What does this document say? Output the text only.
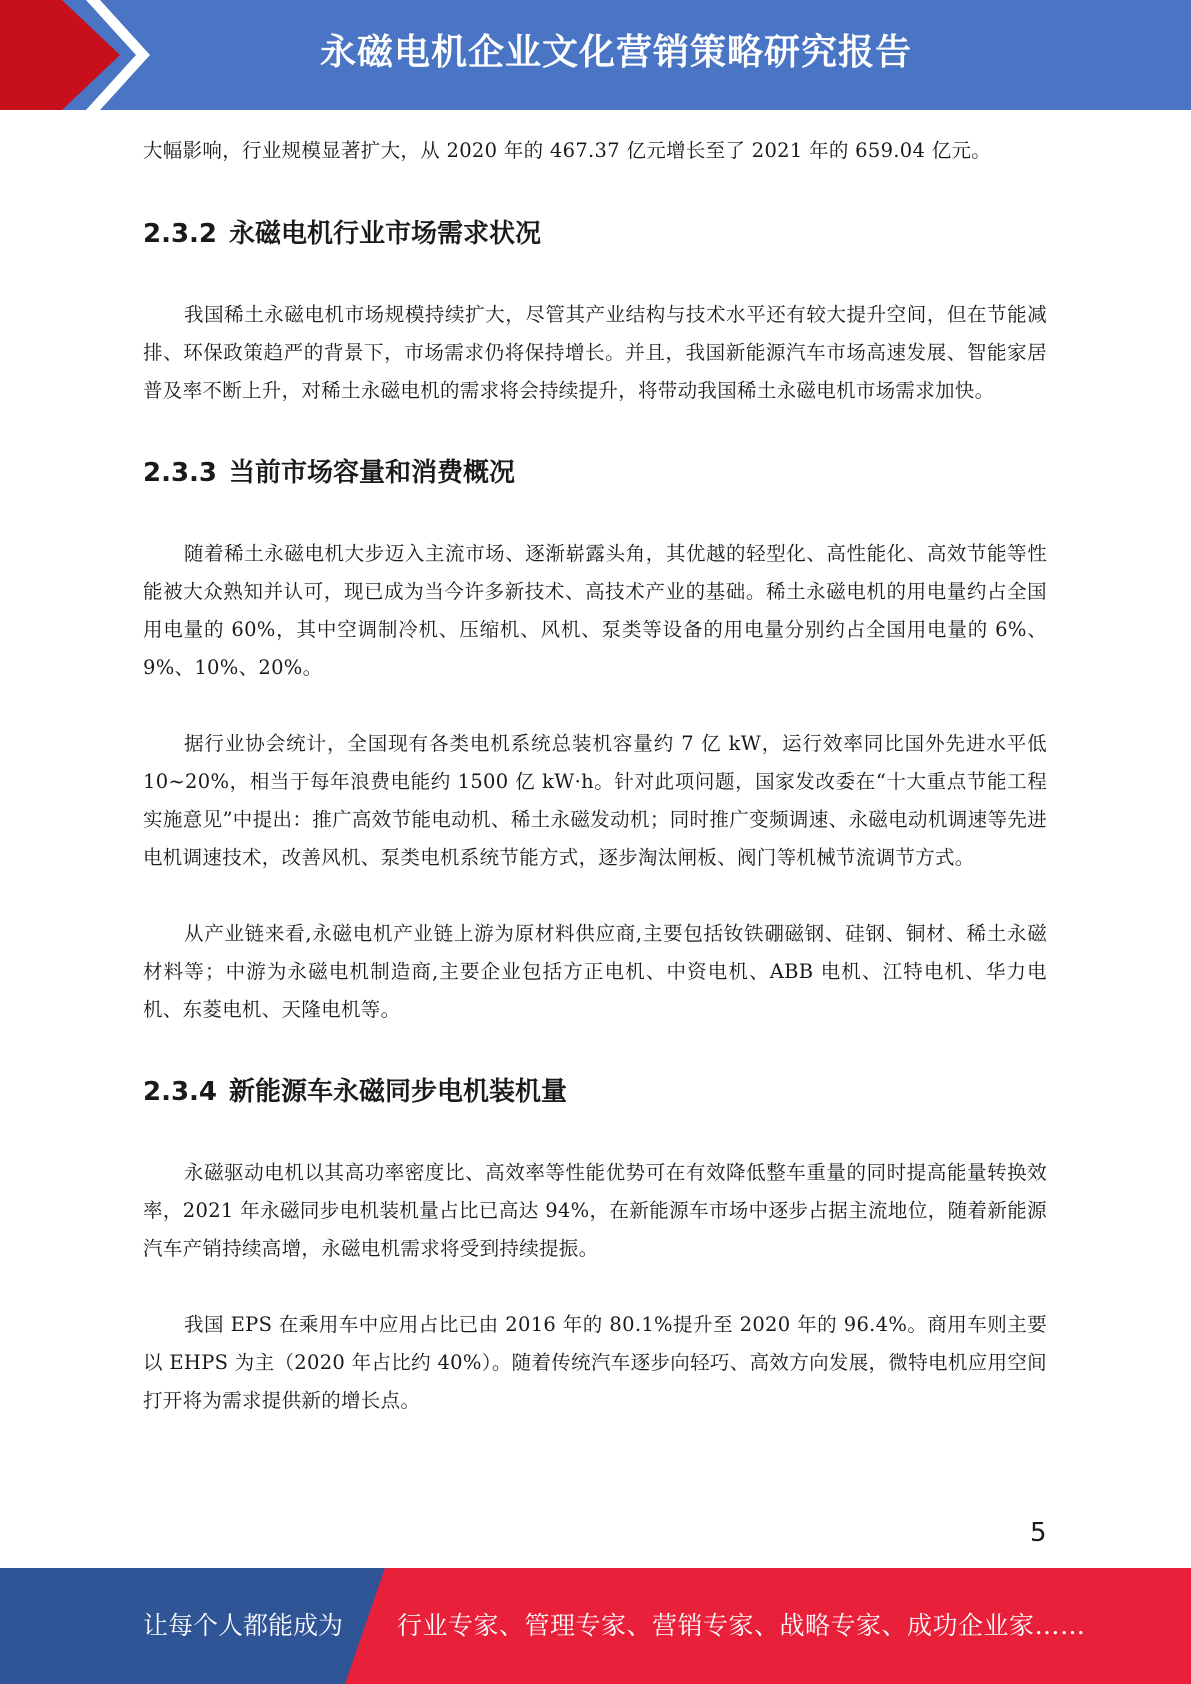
永磁电机企业文化营销策略研究报告

大幅影响，行业规模显著扩大，从 2020 年的 467.37 亿元增长至了 2021 年的 659.04 亿元。

2.3.2 永磁电机行业市场需求状况

我国稀土永磁电机市场规模持续扩大，尽管其产业结构与技术水平还有较大提升空间，但在节能减排、环保政策趋严的背景下，市场需求仍将保持增长。并且，我国新能源汽车市场高速发展、智能家居普及率不断上升，对稀土永磁电机的需求将会持续提升，将带动我国稀土永磁电机市场需求加快。

2.3.3 当前市场容量和消费概况

随着稀土永磁电机大步迈入主流市场、逐渐崭露头角，其优越的轻型化、高性能化、高效节能等性能被大众熟知并认可，现已成为当今许多新技术、高技术产业的基础。稀土永磁电机的用电量约占全国用电量的 60%，其中空调制冷机、压缩机、风机、泵类等设备的用电量分别约占全国用电量的 6%、9%、10%、20%。

据行业协会统计，全国现有各类电机系统总装机容量约 7 亿 kW，运行效率同比国外先进水平低 10~20%，相当于每年浪费电能约 1500 亿 kW·h。针对此项问题，国家发改委在“十大重点节能工程实施意见”中提出：推广高效节能电动机、稀土永磁发动机；同时推广变频调速、永磁电动机调速等先进电机调速技术，改善风机、泵类电机系统节能方式，逐步淘汰闸板、阀门等机械节流调节方式。

从产业链来看,永磁电机产业链上游为原材料供应商,主要包括钕铁硼磁钢、硅钢、铜材、稀土永磁材料等；中游为永磁电机制造商,主要企业包括方正电机、中资电机、ABB 电机、江特电机、华力电机、东菱电机、天隆电机等。

2.3.4 新能源车永磁同步电机装机量

永磁驱动电机以其高功率密度比、高效率等性能优势可在有效降低整车重量的同时提高能量转换效率，2021 年永磁同步电机装机量占比已高达 94%，在新能源车市场中逐步占据主流地位，随着新能源汽车产销持续高增，永磁电机需求将受到持续提振。

我国 EPS 在乘用车中应用占比已由 2016 年的 80.1%提升至 2020 年的 96.4%。商用车则主要以 EHPS 为主（2020 年占比约 40%）。随着传统汽车逐步向轻巧、高效方向发展，微特电机应用空间打开将为需求提供新的增长点。

5
让每个人都能成为 行业专家、管理专家、营销专家、战略专家、成功企业家……
